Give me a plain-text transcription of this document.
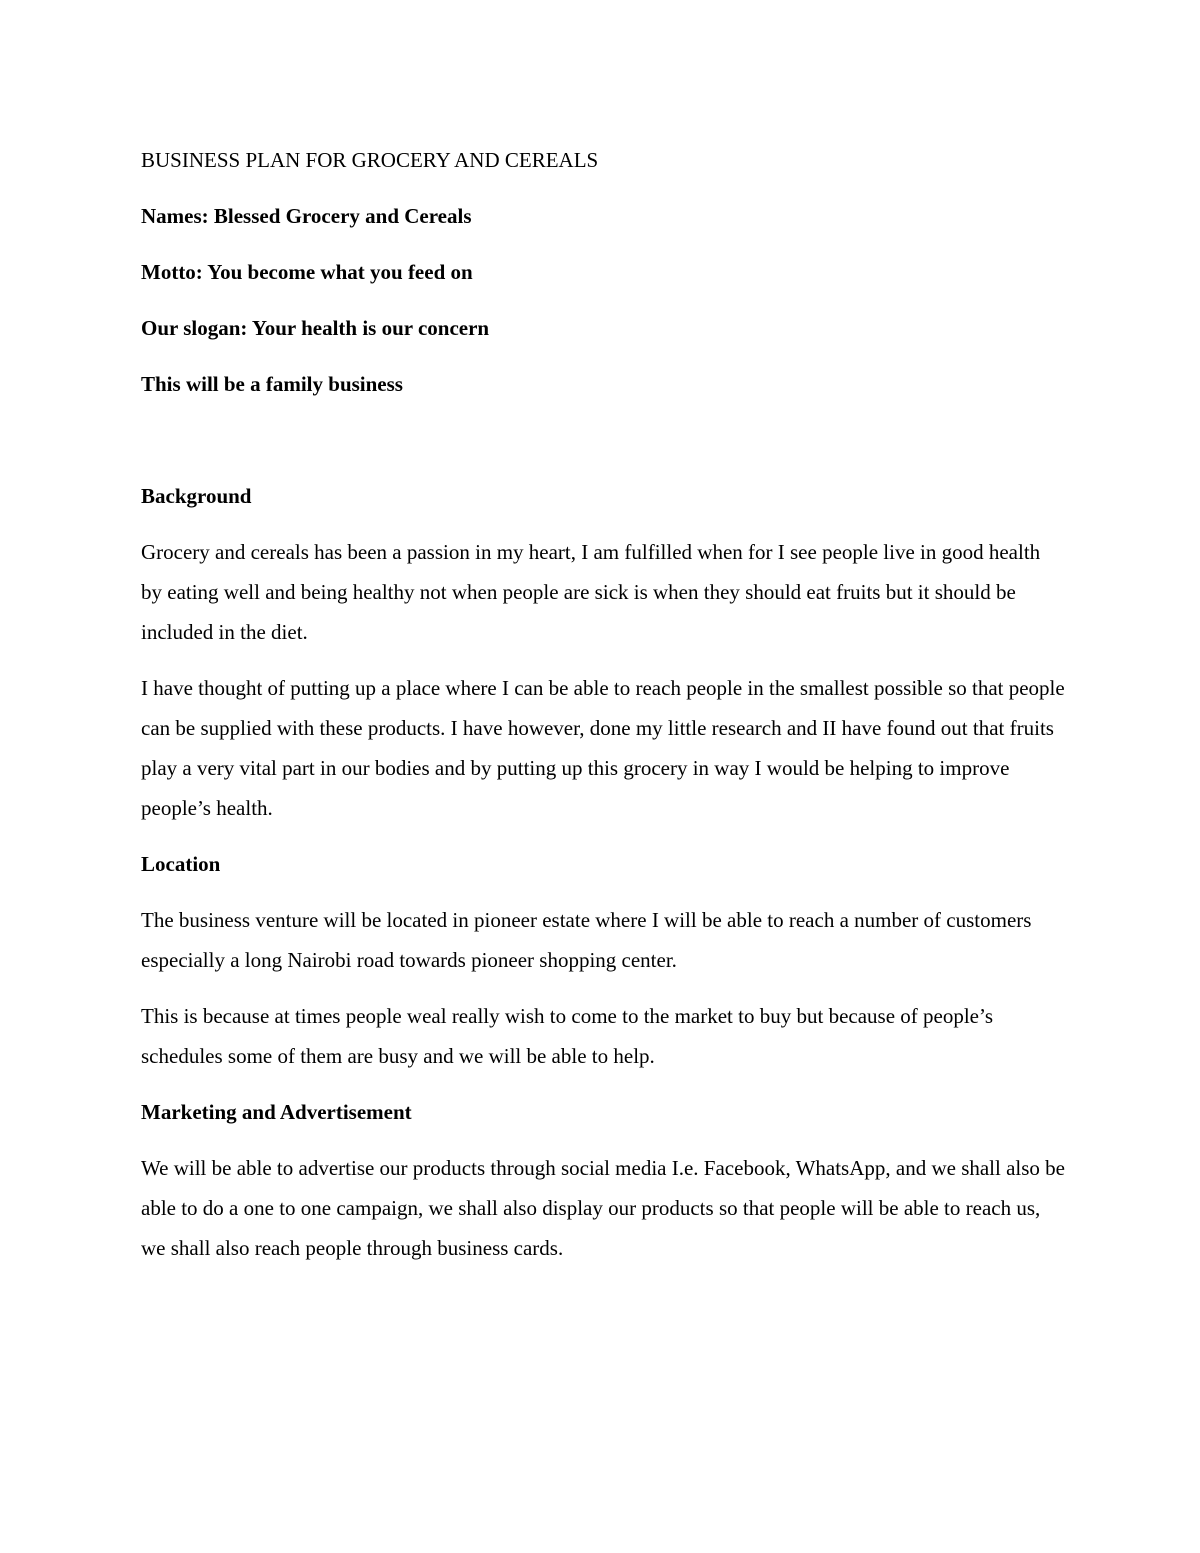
BUSINESS PLAN FOR GROCERY AND CEREALS

Names: Blessed Grocery and Cereals

Motto: You become what you feed on

Our slogan: Your health is our concern

This will be a family business

Background

Grocery and cereals has been a passion in my heart, I am fulfilled when for I see people live in good health by eating well and being healthy not when people are sick is when they should eat fruits but it should be included in the diet.

I have thought of putting up a place where I can be able to reach people in the smallest possible so that people can be supplied with these products. I have however, done my little research and II have found out that fruits play a very vital part in our bodies and by putting up this grocery in way I would be helping to improve people’s health.

Location

The business venture will be located in pioneer estate where I will be able to reach a number of customers especially a long Nairobi road towards pioneer shopping center.

This is because at times people weal really wish to come to the market to buy but because of people’s schedules some of them are busy and we will be able to help.

Marketing and Advertisement

We will be able to advertise our products through social media I.e. Facebook, WhatsApp, and we shall also be able to do a one to one campaign, we shall also display our products so that people will be able to reach us, we shall also reach people through business cards.
